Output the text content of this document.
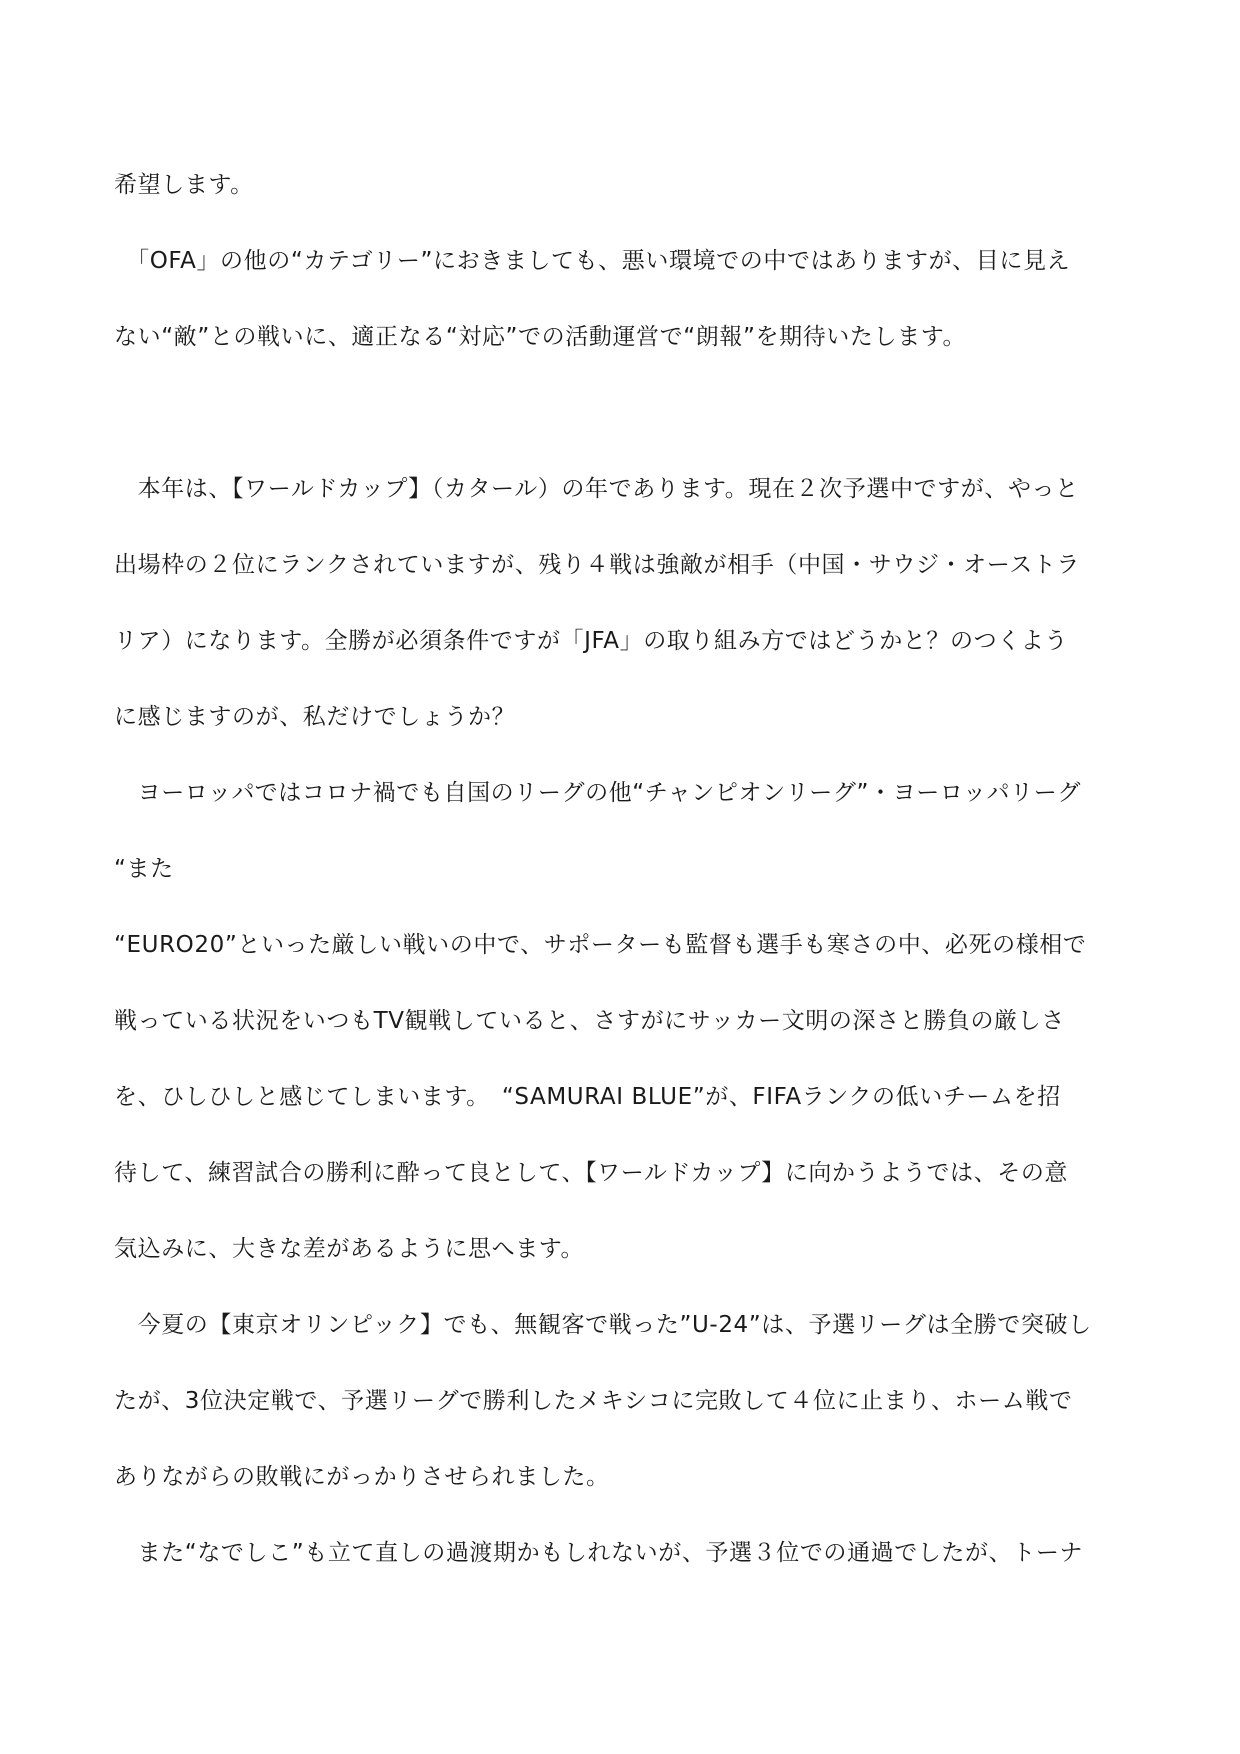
希望します。
　「OFA」の他の“カテゴリー”におきましても、悪い環境での中ではありますが、目に見え
ない“敵”との戦いに、適正なる“対応”での活動運営で“朗報”を期待いたします。
　本年は、【ワールドカップ】（カタール）の年であります。現在２次予選中ですが、やっと
出場枠の２位にランクされていますが、残り４戦は強敵が相手（中国・サウジ・オーストラ
リア）になります。全勝が必須条件ですが「JFA」の取り組み方ではどうかと？のつくよう
に感じますのが、私だけでしょうか？
　ヨーロッパではコロナ禍でも自国のリーグの他“チャンピオンリーグ”・ヨーロッパリーグ
“また
“EURO20”といった厳しい戦いの中で、サポーターも監督も選手も寒さの中、必死の様相で
戦っている状況をいつもTV観戦していると、さすがにサッカー文明の深さと勝負の厳しさ
を、ひしひしと感じてしまいます。　“SAMURAI BLUE”が、FIFAランクの低いチームを招
待して、練習試合の勝利に酔って良として、【ワールドカップ】に向かうようでは、その意
気込みに、大きな差があるように思へます。
　今夏の【東京オリンピック】でも、無観客で戦った”U-24”は、予選リーグは全勝で突破し
たが、3位決定戦で、予選リーグで勝利したメキシコに完敗して４位に止まり、ホーム戦で
ありながらの敗戦にがっかりさせられました。
　また“なでしこ”も立て直しの過渡期かもしれないが、予選３位での通過でしたが、トーナ
